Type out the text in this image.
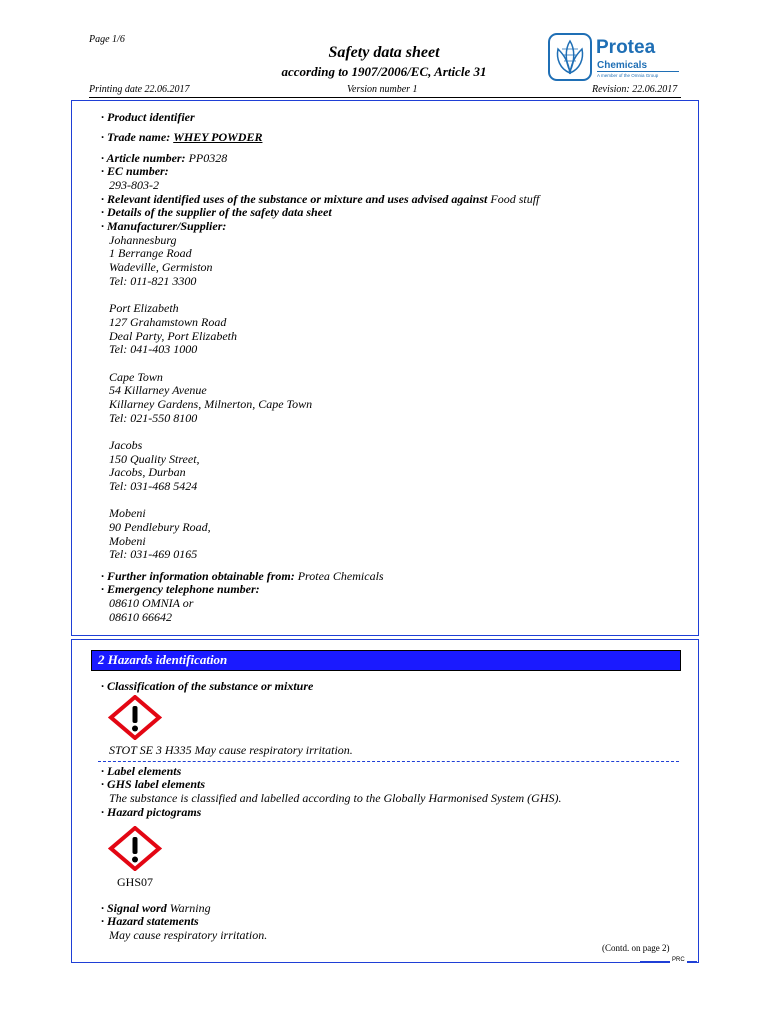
Page 1/6
Safety data sheet
according to 1907/2006/EC, Article 31
Printing date 22.06.2017	Version number 1	Revision: 22.06.2017
Protea
Chemicals
A member of the Omnia Group
· Product identifier
· Trade name: WHEY POWDER
· Article number: PP0328
· EC number:
293-803-2
· Relevant identified uses of the substance or mixture and uses advised against Food stuff
· Details of the supplier of the safety data sheet
· Manufacturer/Supplier:
Johannesburg
1 Berrange Road
Wadeville, Germiston
Tel: 011-821 3300
Port Elizabeth
127 Grahamstown Road
Deal Party, Port Elizabeth
Tel: 041-403 1000
Cape Town
54 Killarney Avenue
Killarney Gardens, Milnerton, Cape Town
Tel: 021-550 8100
Jacobs
150 Quality Street,
Jacobs, Durban
Tel: 031-468 5424
Mobeni
90 Pendlebury Road,
Mobeni
Tel: 031-469 0165
· Further information obtainable from: Protea Chemicals
· Emergency telephone number:
08610 OMNIA or
08610 66642
2 Hazards identification
· Classification of the substance or mixture
STOT SE 3 H335 May cause respiratory irritation.
· Label elements
· GHS label elements
The substance is classified and labelled according to the Globally Harmonised System (GHS).
· Hazard pictograms
GHS07
· Signal word Warning
· Hazard statements
May cause respiratory irritation.
(Contd. on page 2)
PRC
